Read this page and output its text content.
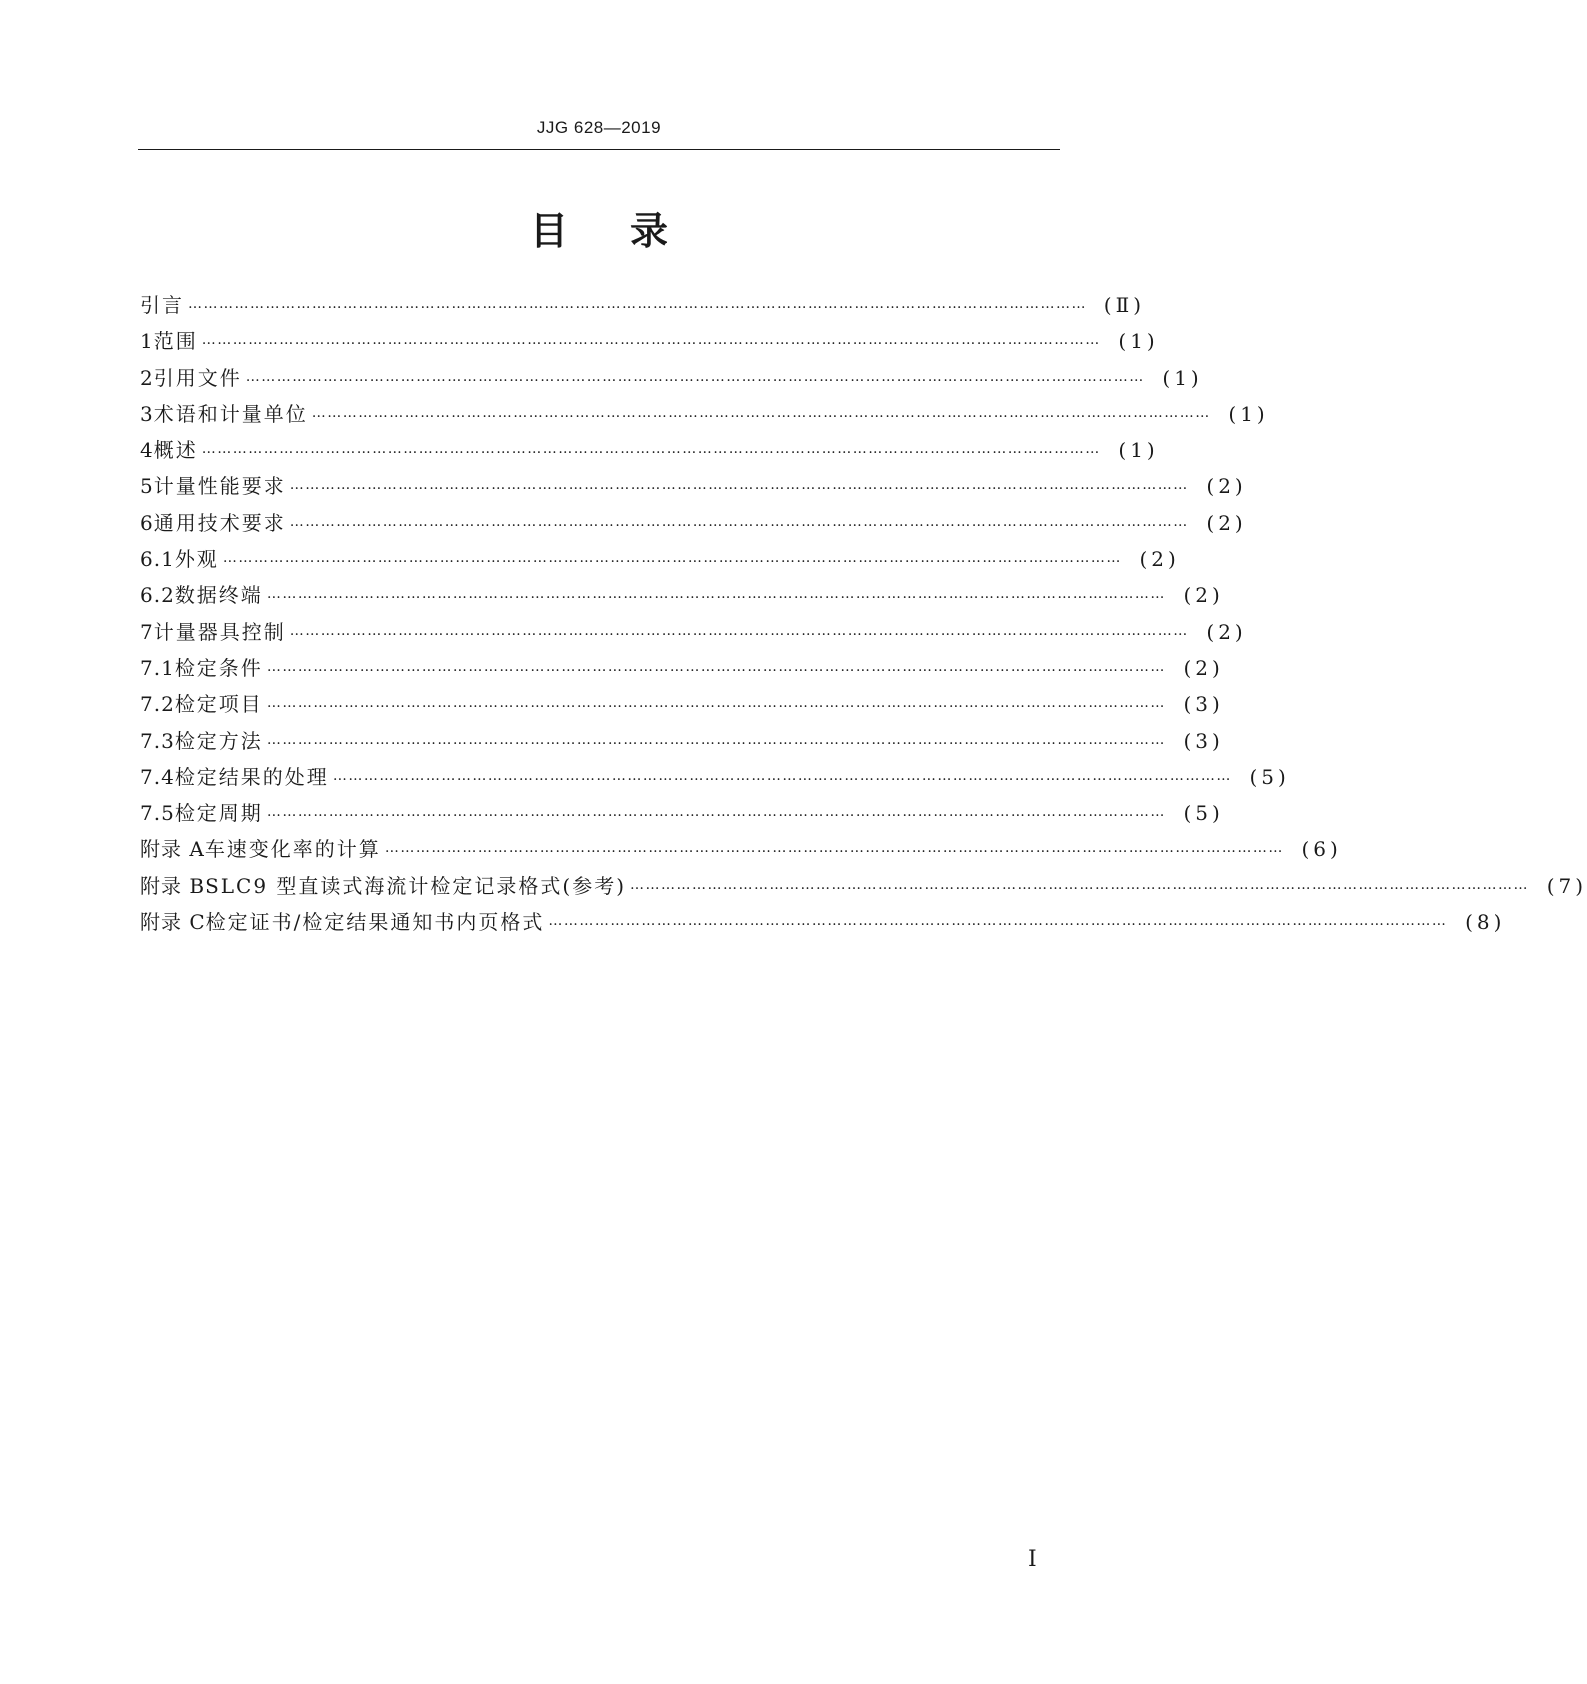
JJG 628—2019
目 录
引言 ………………………………………………………………………………………………………………………………………………………… (Ⅱ)
1 范围 ………………………………………………………………………………………………………………………………………………………… (1)
2 引用文件 ………………………………………………………………………………………………………………………………………………………… (1)
3 术语和计量单位 ………………………………………………………………………………………………………………………………………………………… (1)
4 概述 ………………………………………………………………………………………………………………………………………………………… (1)
5 计量性能要求 ………………………………………………………………………………………………………………………………………………………… (2)
6 通用技术要求 ………………………………………………………………………………………………………………………………………………………… (2)
6.1 外观 ………………………………………………………………………………………………………………………………………………………… (2)
6.2 数据终端 ………………………………………………………………………………………………………………………………………………………… (2)
7 计量器具控制 ………………………………………………………………………………………………………………………………………………………… (2)
7.1 检定条件 ………………………………………………………………………………………………………………………………………………………… (2)
7.2 检定项目 ………………………………………………………………………………………………………………………………………………………… (3)
7.3 检定方法 ………………………………………………………………………………………………………………………………………………………… (3)
7.4 检定结果的处理 ………………………………………………………………………………………………………………………………………………………… (5)
7.5 检定周期 ………………………………………………………………………………………………………………………………………………………… (5)
附录 A 车速变化率的计算 ………………………………………………………………………………………………………………………………………………………… (6)
附录 B SLC9 型直读式海流计检定记录格式(参考) ………………………………………………………………………………………………………………………………………………………… (7)
附录 C 检定证书/检定结果通知书内页格式 ………………………………………………………………………………………………………………………………………………………… (8)
Ⅰ
